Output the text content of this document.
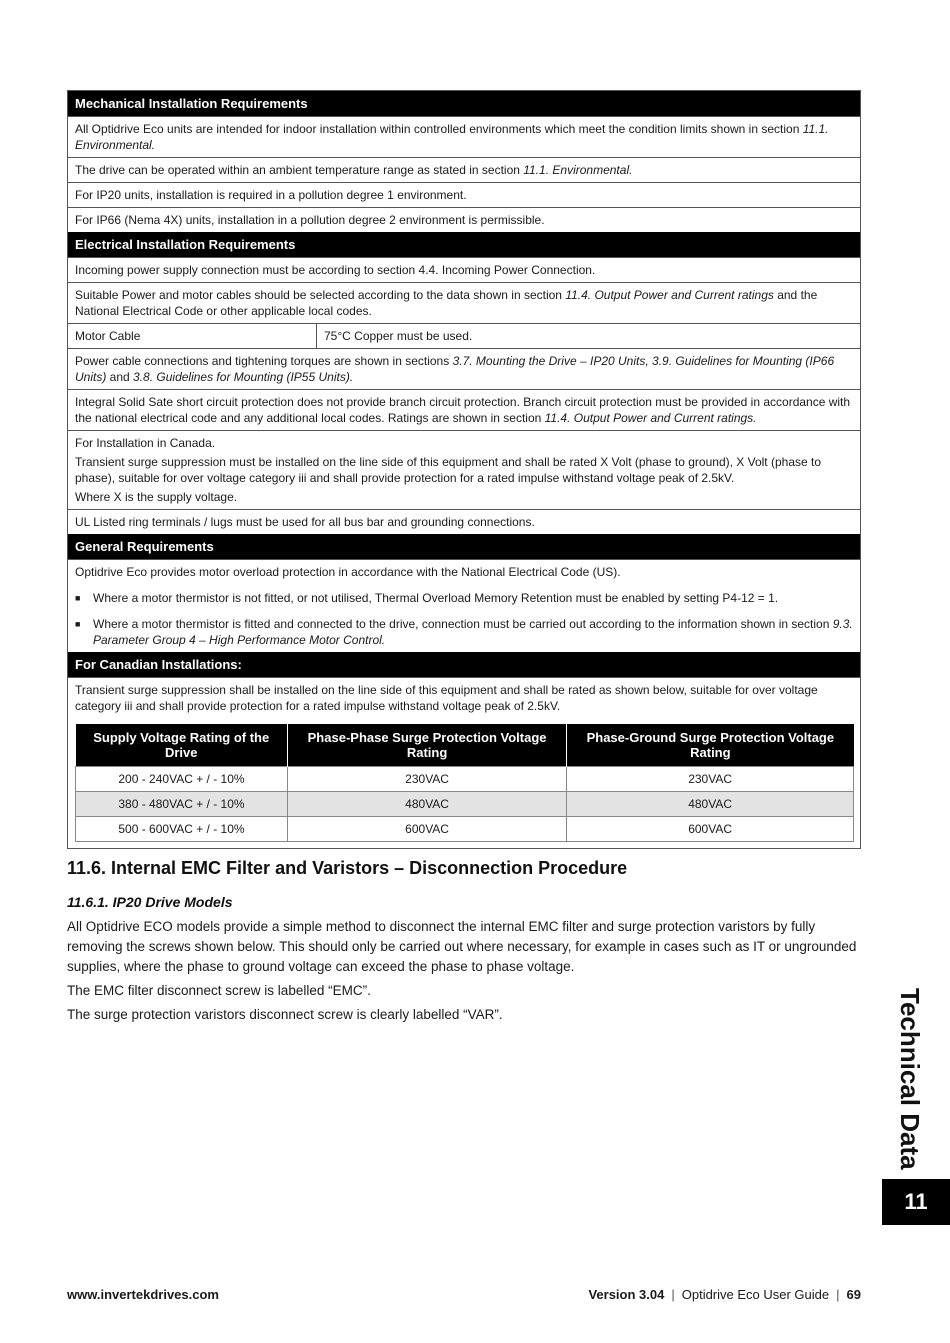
Mechanical Installation Requirements
All Optidrive Eco units are intended for indoor installation within controlled environments which meet the condition limits shown in section 11.1. Environmental.
The drive can be operated within an ambient temperature range as stated in section 11.1. Environmental.
For IP20 units, installation is required in a pollution degree 1 environment.
For IP66 (Nema 4X) units, installation in a pollution degree 2 environment is permissible.
Electrical Installation Requirements
Incoming power supply connection must be according to section 4.4. Incoming Power Connection.
Suitable Power and motor cables should be selected according to the data shown in section 11.4. Output Power and Current ratings and the National Electrical Code or other applicable local codes.
Motor Cable	75°C Copper must be used.
Power cable connections and tightening torques are shown in sections 3.7. Mounting the Drive – IP20 Units, 3.9. Guidelines for Mounting (IP66 Units) and 3.8. Guidelines for Mounting (IP55 Units).
Integral Solid Sate short circuit protection does not provide branch circuit protection. Branch circuit protection must be provided in accordance with the national electrical code and any additional local codes. Ratings are shown in section 11.4. Output Power and Current ratings.

For Installation in Canada.

Transient surge suppression must be installed on the line side of this equipment and shall be rated X Volt (phase to ground), X Volt (phase to phase), suitable for over voltage category iii and shall provide protection for a rated impulse withstand voltage peak of 2.5kV.

Where X is the supply voltage.

UL Listed ring terminals / lugs must be used for all bus bar and grounding connections.
General Requirements
Optidrive Eco provides motor overload protection in accordance with the National Electrical Code (US).
■	Where a motor thermistor is not fitted, or not utilised, Thermal Overload Memory Retention must be enabled by setting P4-12 = 1.
■	Where a motor thermistor is fitted and connected to the drive, connection must be carried out according to the information shown in section 9.3. Parameter Group 4 – High Performance Motor Control.
For Canadian Installations:
Transient surge suppression shall be installed on the line side of this equipment and shall be rated as shown below, suitable for over voltage category iii and shall provide protection for a rated impulse withstand voltage peak of 2.5kV.
Supply Voltage Rating of the Drive	Phase-Phase Surge Protection Voltage Rating	Phase-Ground Surge Protection Voltage Rating
200 - 240VAC + / - 10%	230VAC	230VAC
380 - 480VAC + / - 10%	480VAC	480VAC
500 - 600VAC + / - 10%	600VAC	600VAC
11.6. Internal EMC Filter and Varistors – Disconnection Procedure
11.6.1. IP20 Drive Models

All Optidrive ECO models provide a simple method to disconnect the internal EMC filter and surge protection varistors by fully removing the screws shown below. This should only be carried out where necessary, for example in cases such as IT or ungrounded supplies, where the phase to ground voltage can exceed the phase to phase voltage.

The EMC filter disconnect screw is labelled “EMC”.

The surge protection varistors disconnect screw is clearly labelled “VAR”.	Technical Data
11
www.invertekdrives.com	Version 3.04 | Optidrive Eco User Guide | 69
